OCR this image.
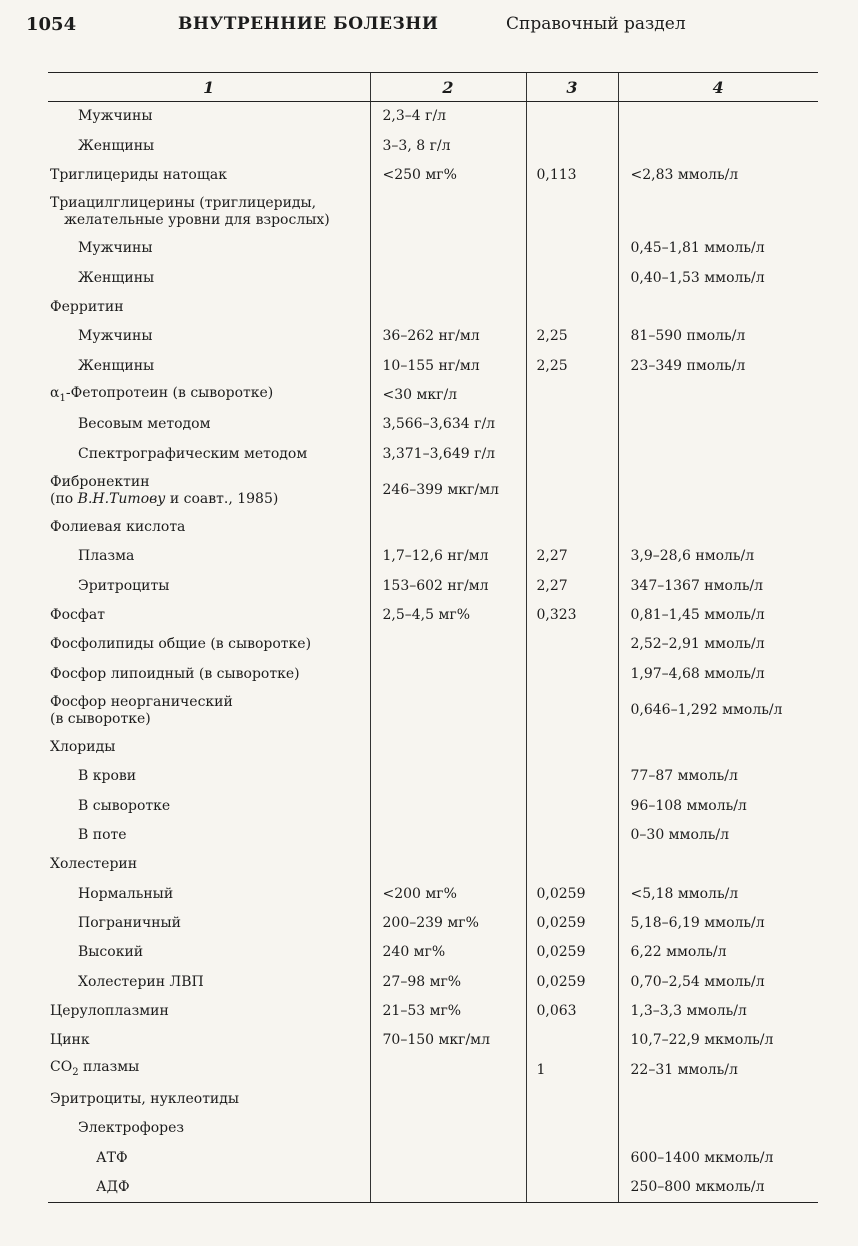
1054	ВНУТРЕННИЕ БОЛЕЗНИ	Справочный раздел
1	2	3	4
Мужчины	2,3–4 г/л		
Женщины	3–3, 8 г/л		
Триглицериды натощак	<250 мг%	0,113	<2,83 ммоль/л

Триацилглицерины (триглицериды,
желательные уровни для взрослых)			

Мужчины			0,45–1,81 ммоль/л
Женщины			0,40–1,53 ммоль/л
Ферритин			
Мужчины	36–262 нг/мл	2,25	81–590 пмоль/л
Женщины	10–155 нг/мл	2,25	23–349 пмоль/л
$\alpha_1$-Фетопротеин (в сыворотке)	<30 мкг/л		
Весовым методом	3,566–3,634 г/л		
Спектрографическим методом	3,371–3,649 г/л		

Фибронектин
(по В.Н.Титову и соавт., 1985)	246–399 мкг/мл		
Фолиевая кислота			
Плазма	1,7–12,6 нг/мл	2,27	3,9–28,6 нмоль/л
Эритроциты	153–602 нг/мл	2,27	347–1367 нмоль/л
Фосфат	2,5–4,5 мг%	0,323	0,81–1,45 ммоль/л
Фосфолипиды общие (в сыворотке)			2,52–2,91 ммоль/л
Фосфор липоидный (в сыворотке)			1,97–4,68 ммоль/л

Фосфор неорганический
(в сыворотке)			0,646–1,292 ммоль/л
Хлориды			
В крови			77–87 ммоль/л
В сыворотке			96–108 ммоль/л
В поте			0–30 ммоль/л
Холестерин			
Нормальный	<200 мг%	0,0259	<5,18 ммоль/л
Пограничный	200–239 мг%	0,0259	5,18–6,19 ммоль/л
Высокий	240 мг%	0,0259	6,22 ммоль/л
Холестерин ЛВП	27–98 мг%	0,0259	0,70–2,54 ммоль/л
Церулоплазмин	21–53 мг%	0,063	1,3–3,3 ммоль/л
Цинк	70–150 мкг/мл		10,7–22,9 мкмоль/л
$CO_2$ плазмы		1	22–31 ммоль/л
Эритроциты, нуклеотиды			
Электрофорез			
АТФ			600–1400 мкмоль/л
АДФ			250–800 мкмоль/л
